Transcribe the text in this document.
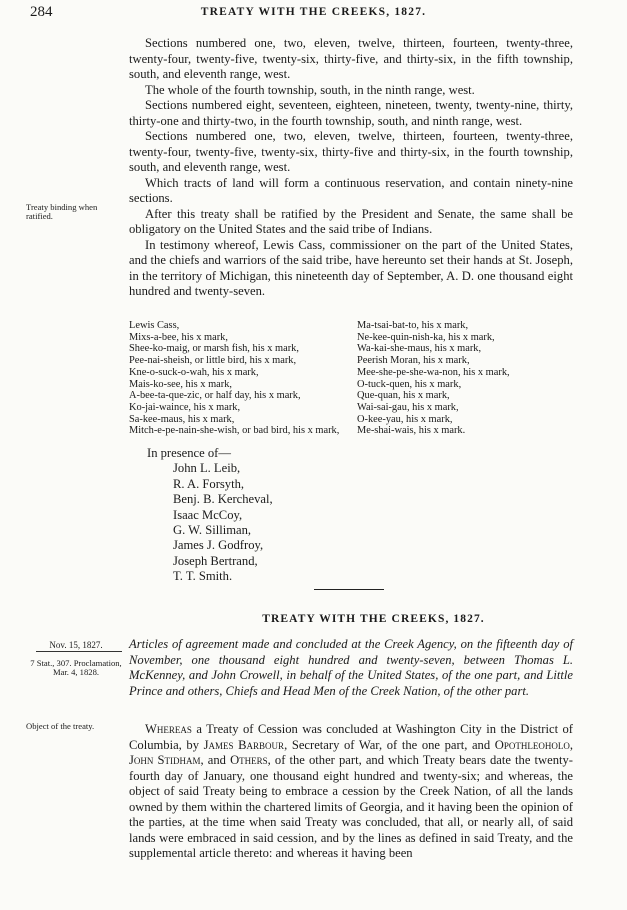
284	TREATY WITH THE CREEKS, 1827.

Sections numbered one, two, eleven, twelve, thirteen, fourteen, twenty-three, twenty-four, twenty-five, twenty-six, thirty-five, and thirty-six, in the fifth township, south, and eleventh range, west.

The whole of the fourth township, south, in the ninth range, west.

Sections numbered eight, seventeen, eighteen, nineteen, twenty, twenty-nine, thirty, thirty-one and thirty-two, in the fourth township, south, and ninth range, west.

Sections numbered one, two, eleven, twelve, thirteen, fourteen, twenty-three, twenty-four, twenty-five, twenty-six, thirty-five and thirty-six, in the fourth township, south, and eleventh range, west.

Which tracts of land will form a continuous reservation, and contain ninety-nine sections.

After this treaty shall be ratified by the President and Senate, the same shall be obligatory on the United States and the said tribe of Indians.

In testimony whereof, Lewis Cass, commissioner on the part of the United States, and the chiefs and warriors of the said tribe, have hereunto set their hands at St. Joseph, in the territory of Michigan, this nineteenth day of September, A. D. one thousand eight hundred and twenty-seven.

Treaty binding when ratified.
Lewis Cass,
Mixs-a-bee, his x mark,
Shee-ko-maig, or marsh fish, his x mark,
Pee-nai-sheish, or little bird, his x mark,
Kne-o-suck-o-wah, his x mark,
Mais-ko-see, his x mark,
A-bee-ta-que-zic, or half day, his x mark,
Ko-jai-waince, his x mark,
Sa-kee-maus, his x mark,
Mitch-e-pe-nain-she-wish, or bad bird, his x mark,
Ma-tsai-bat-to, his x mark,
Ne-kee-quin-nish-ka, his x mark,
Wa-kai-she-maus, his x mark,
Peerish Moran, his x mark,
Mee-she-pe-she-wa-non, his x mark,
O-tuck-quen, his x mark,
Que-quan, his x mark,
Wai-sai-gau, his x mark,
O-kee-yau, his x mark,
Me-shai-wais, his x mark.
In presence of—
John L. Leib,
R. A. Forsyth,
Benj. B. Kercheval,
Isaac McCoy,
G. W. Silliman,
James J. Godfroy,
Joseph Bertrand,
T. T. Smith.
TREATY WITH THE CREEKS, 1827.
Nov. 15, 1827.
7 Stat., 307. Proclamation, Mar. 4, 1828.
Articles of agreement made and concluded at the Creek Agency, on the fifteenth day of November, one thousand eight hundred and twenty-seven, between Thomas L. McKenney, and John Crowell, in behalf of the United States, of the one part, and Little Prince and others, Chiefs and Head Men of the Creek Nation, of the other part.
Object of the treaty.	Whereas a Treaty of Cession was concluded at Washington City in the District of Columbia, by James Barbour, Secretary of War, of the one part, and Opothleoholo, John Stidham, and Others, of the other part, and which Treaty bears date the twenty-fourth day of January, one thousand eight hundred and twenty-six; and whereas, the object of said Treaty being to embrace a cession by the Creek Nation, of all the lands owned by them within the chartered limits of Georgia, and it having been the opinion of the parties, at the time when said Treaty was concluded, that all, or nearly all, of said lands were embraced in said cession, and by the lines as defined in said Treaty, and the supplemental article thereto: and whereas it having been
